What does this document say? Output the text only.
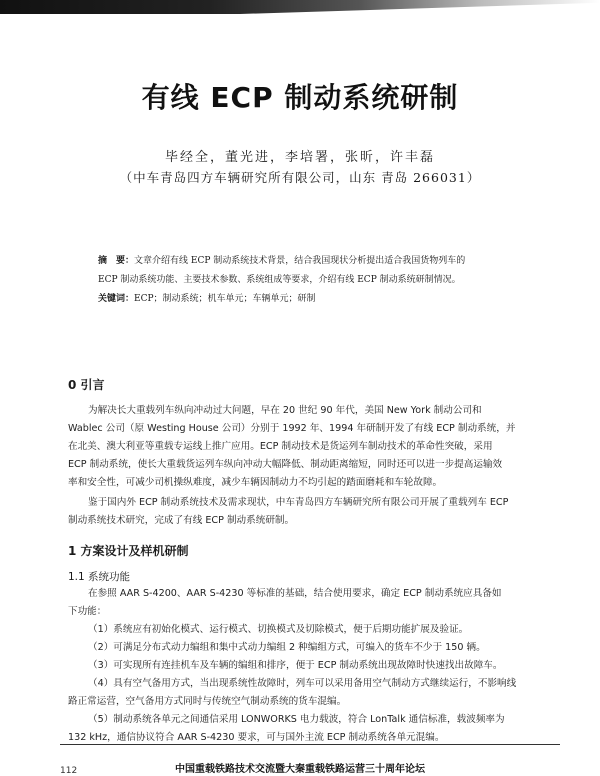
有线 ECP 制动系统研制
毕经全，董光进，李培署，张昕，许丰磊
（中车青岛四方车辆研究所有限公司，山东 青岛 266031）
摘　要：文章介绍有线 ECP 制动系统技术背景，结合我国现状分析提出适合我国货物列车的
ECP 制动系统功能、主要技术参数、系统组成等要求，介绍有线 ECP 制动系统研制情况。
关键词：ECP；制动系统；机车单元；车辆单元；研制
0 引言
为解决长大重载列车纵向冲动过大问题，早在 20 世纪 90 年代，美国 New York 制动公司和
Wablec 公司（原 Westing House 公司）分别于 1992 年、1994 年研制开发了有线 ECP 制动系统，并
在北美、澳大利亚等重载专运线上推广应用。ECP 制动技术是货运列车制动技术的革命性突破，采用
ECP 制动系统，使长大重载货运列车纵向冲动大幅降低、制动距离缩短，同时还可以进一步提高运输效
率和安全性，可减少司机操纵难度，减少车辆因制动力不均引起的踏面磨耗和车轮故障。
鉴于国内外 ECP 制动系统技术及需求现状，中车青岛四方车辆研究所有限公司开展了重载列车 ECP
制动系统技术研究，完成了有线 ECP 制动系统研制。
1 方案设计及样机研制
1.1 系统功能
在参照 AAR S-4200、AAR S-4230 等标准的基础，结合使用要求，确定 ECP 制动系统应具备如
下功能：
（1）系统应有初始化模式、运行模式、切换模式及切除模式，便于后期功能扩展及验证。
（2）可满足分布式动力编组和集中式动力编组 2 种编组方式，可编入的货车不少于 150 辆。
（3）可实现所有连挂机车及车辆的编组和排序，便于 ECP 制动系统出现故障时快速找出故障车。
（4）具有空气备用方式，当出现系统性故障时，列车可以采用备用空气制动方式继续运行，不影响线
路正常运营，空气备用方式同时与传统空气制动系统的货车混编。
（5）制动系统各单元之间通信采用 LONWORKS 电力载波，符合 LonTalk 通信标准，载波频率为
132 kHz，通信协议符合 AAR S-4230 要求，可与国外主流 ECP 制动系统各单元混编。
中国重载铁路技术交流暨大秦重载铁路运营三十周年论坛
112
